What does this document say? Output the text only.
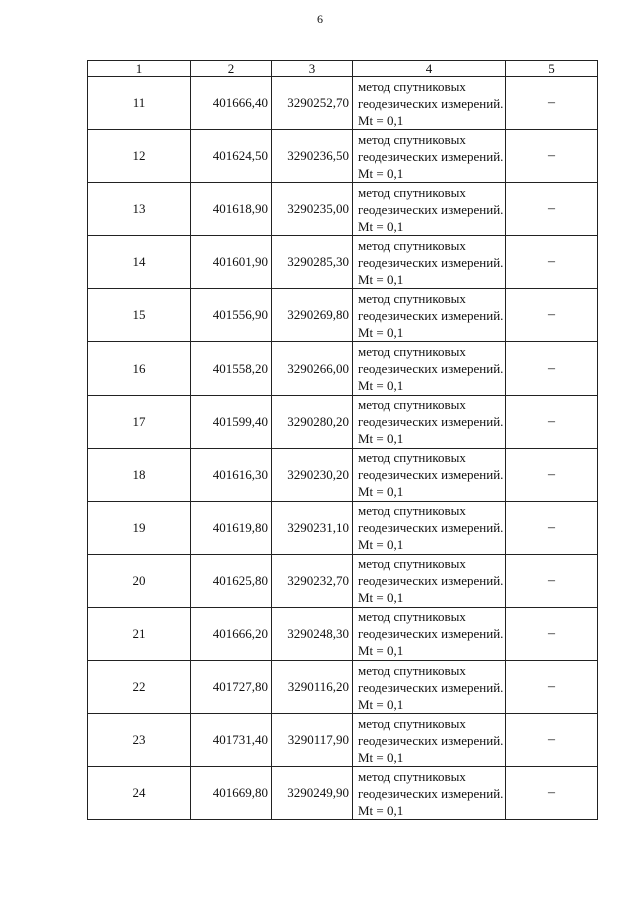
6
1	2	3	4	5
11	401666,40	3290252,70	метод спутниковых геодезических измерений. Mt = 0,1	–
12	401624,50	3290236,50	метод спутниковых геодезических измерений. Mt = 0,1	–
13	401618,90	3290235,00	метод спутниковых геодезических измерений. Mt = 0,1	–
14	401601,90	3290285,30	метод спутниковых геодезических измерений. Mt = 0,1	–
15	401556,90	3290269,80	метод спутниковых геодезических измерений. Mt = 0,1	–
16	401558,20	3290266,00	метод спутниковых геодезических измерений. Mt = 0,1	–
17	401599,40	3290280,20	метод спутниковых геодезических измерений. Mt = 0,1	–
18	401616,30	3290230,20	метод спутниковых геодезических измерений. Mt = 0,1	–
19	401619,80	3290231,10	метод спутниковых геодезических измерений. Mt = 0,1	–
20	401625,80	3290232,70	метод спутниковых геодезических измерений. Mt = 0,1	–
21	401666,20	3290248,30	метод спутниковых геодезических измерений. Mt = 0,1	–
22	401727,80	3290116,20	метод спутниковых геодезических измерений. Mt = 0,1	–
23	401731,40	3290117,90	метод спутниковых геодезических измерений. Mt = 0,1	–
24	401669,80	3290249,90	метод спутниковых геодезических измерений. Mt = 0,1	–
